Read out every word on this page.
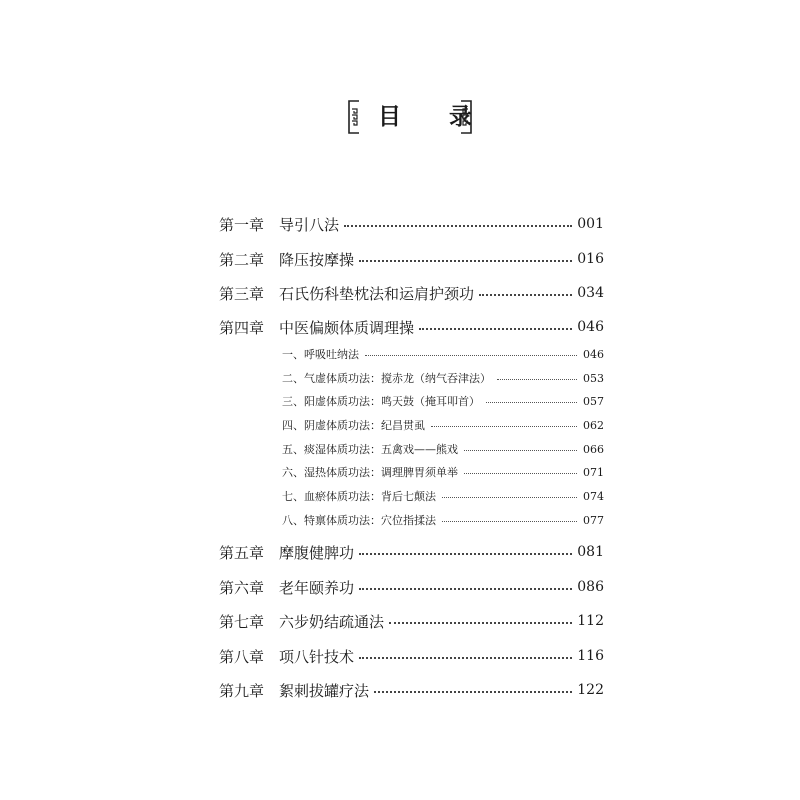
目 录
第一章 导引八法	001
第二章 降压按摩操	016
第三章 石氏伤科垫枕法和运肩护颈功	034
第四章 中医偏颇体质调理操	046
一、呼吸吐纳法	046
二、气虚体质功法：搅赤龙（纳气吞津法）	053
三、阳虚体质功法：鸣天鼓（掩耳叩首）	057
四、阴虚体质功法：纪昌贯虱	062
五、痰湿体质功法：五禽戏——熊戏	066
六、湿热体质功法：调理脾胃须单举	071
七、血瘀体质功法：背后七颠法	074
八、特禀体质功法：穴位指揉法	077
第五章 摩腹健脾功	081
第六章 老年颐养功	086
第七章 六步奶结疏通法	112
第八章 项八针技术	116
第九章 絮刺拔罐疗法	122
